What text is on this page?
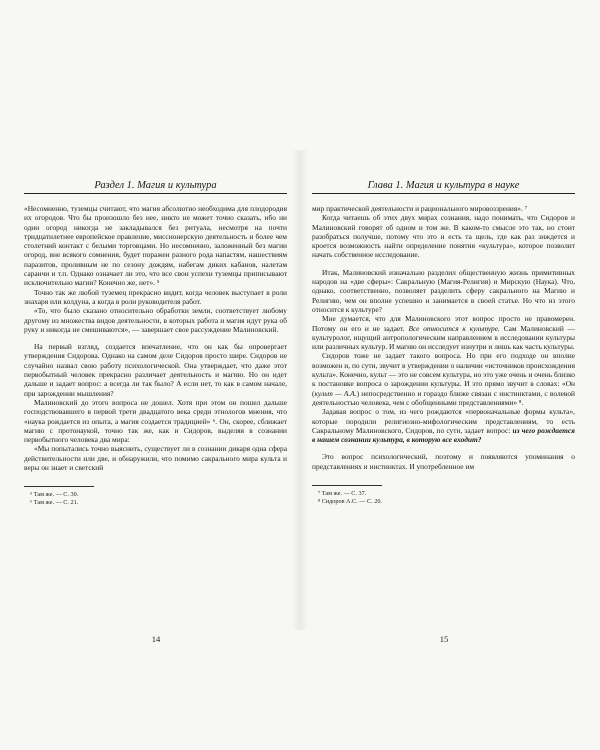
Раздел 1. Магия и культура

«Несомненно, туземцы считают, что магия абсолютно необходима для плодородия их огородов. Что бы произошло без нее, никто не может точно сказать, ибо ни один огород никогда не закладывался без ритуала, несмотря на почти тридцатилетнее европейское правление, миссионерскую деятельность и более чем столетний контакт с белыми торговцами. Но несомненно, заложенный без магии огород, вне всякого сомнения, будет поражен разного рода напастям, нашествиям паразитов, проливным не по сезону дождям, набегам диких кабанов, налетам саранчи и т.п. Однако означает ли это, что все свои успехи туземцы приписывают исключительно магии? Конечно же, нет». ⁵

Точно так же любой туземец прекрасно видит, когда человек выступает в роли знахаря или колдуна, а когда в роли руководителя работ.

«То, что было сказано относительно обработки земли, соответствует любому другому из множества видов деятельности, в которых работа и магия идут рука об руку и никогда не смешиваются», — завершает свое рассуждение Малиновский.

На первый взгляд, создается впечатление, что он как бы опровергает утверждения Сидорова. Однако на самом деле Сидоров просто шире. Сидоров не случайно назвал свою работу психологической. Она утверждает, что даже этот первобытный человек прекрасно различает деятельность и магию. Но он идет дальше и задает вопрос: а всегда ли так было? А если нет, то как в самом начале, при зарождении мышления?

Малиновский до этого вопроса не дошел. Хотя при этом он пошел дальше господствовавшего в первой трети двадцатого века среди этнологов мнения, что «наука рождается из опыта, а магия создается традицией» ⁶. Он, скорее, сближает магию с протонаукой, точно так же, как и Сидоров, выделяя в сознании первобытного человека два мира:

«Мы попытались точно выяснить, существует ли в сознании дикаря одна сфера действительности или две, и обнаружили, что помимо сакрального мира культа и веры он знает и светский

⁵ Там же. — С. 30.
⁶ Там же. — С. 21.
Глава 1. Магия и культура в науке

мир практической деятельности и рационального мировоззрения». ⁷

Когда читаешь об этих двух мирах сознания, надо понимать, что Сидоров и Малиновский говорят об одном и том же. В каком-то смысле это так, но стоит разобраться получше, потому что это и есть та щель, где как раз зиждется и кроется возможность найти определение понятия «культура», которое позволит начать собственное исследование.

Итак, Малиновский изначально разделил общественную жизнь примитивных народов на «две сферы»: Сакральную (Магия-Религия) и Мирскую (Наука). Что, однако, соответственно, позволяет разделить сферу сакрального на Магию и Религию, чем он вполне успешно и занимается в своей статье. Но что из этого относится к культуре?

Мне думается, что для Малиновского этот вопрос просто не правомерен. Потому он его и не задает. Все относится к культуре. Сам Малиновский — культуролог, ищущий антропологическим направлением в исследовании культуры или различных культур. И магию он исследует изнутри и лишь как часть культуры.

Сидоров тоже не задает такого вопроса. Но при его подходе он вполне возможен и, по сути, звучит в утверждении о наличии «источников происхождения культа». Конечно, культ — это не совсем культура, но это уже очень и очень близко к постановке вопроса о зарождении культуры. И это прямо звучит в словах: «Он (культ — А.А.) непосредственно и гораздо ближе связан с инстинктами, с волевой деятельностью человека, чем с обобщенными представлениями» ⁸.

Задавая вопрос о том, из чего рождаются «первоначальные формы культа», которые породили религиозно-мифологическим представлениям, то есть Сакральному Малиновского, Сидоров, по сути, задает вопрос: из чего рождается в нашем сознании культура, в которую все входит?

Это вопрос психологический, поэтому и появляются упоминания о представлениях и инстинктах. И употребленное им

⁷ Там же. — С. 37.
⁸ Сидоров А.С. — С. 20.
14	15
